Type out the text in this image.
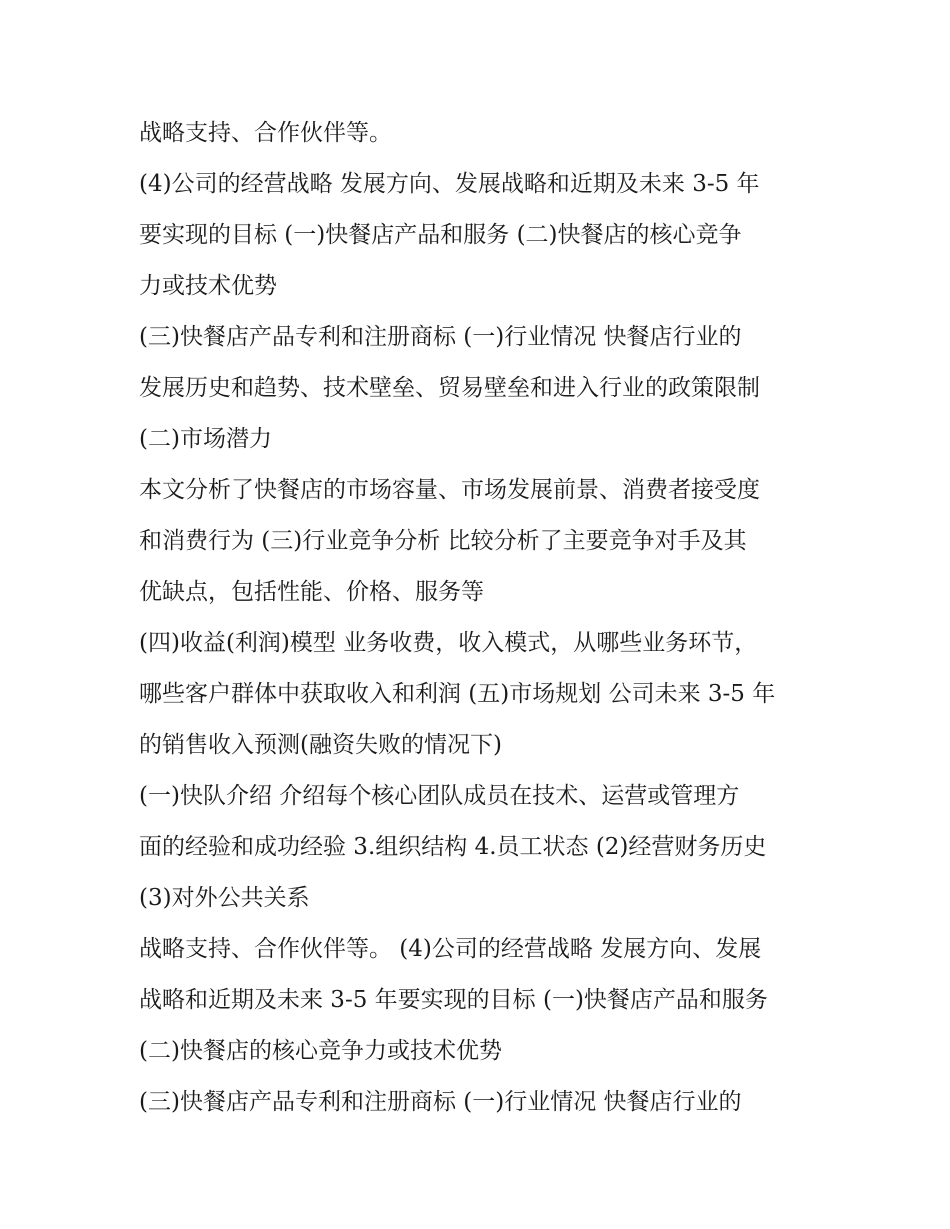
战略支持、合作伙伴等。

(4)公司的经营战略 发展方向、发展战略和近期及未来 3-5 年
要实现的目标 (一)快餐店产品和服务 (二)快餐店的核心竞争
力或技术优势

(三)快餐店产品专利和注册商标 (一)行业情况 快餐店行业的
发展历史和趋势、技术壁垒、贸易壁垒和进入行业的政策限制
(二)市场潜力

本文分析了快餐店的市场容量、市场发展前景、消费者接受度
和消费行为 (三)行业竞争分析 比较分析了主要竞争对手及其
优缺点，包括性能、价格、服务等

(四)收益(利润)模型 业务收费，收入模式，从哪些业务环节，
哪些客户群体中获取收入和利润 (五)市场规划 公司未来 3-5 年
的销售收入预测(融资失败的情况下)

(一)快队介绍 介绍每个核心团队成员在技术、运营或管理方
面的经验和成功经验 3.组织结构 4.员工状态 (2)经营财务历史
(3)对外公共关系

战略支持、合作伙伴等。 (4)公司的经营战略 发展方向、发展
战略和近期及未来 3-5 年要实现的目标 (一)快餐店产品和服务
(二)快餐店的核心竞争力或技术优势

(三)快餐店产品专利和注册商标 (一)行业情况 快餐店行业的
